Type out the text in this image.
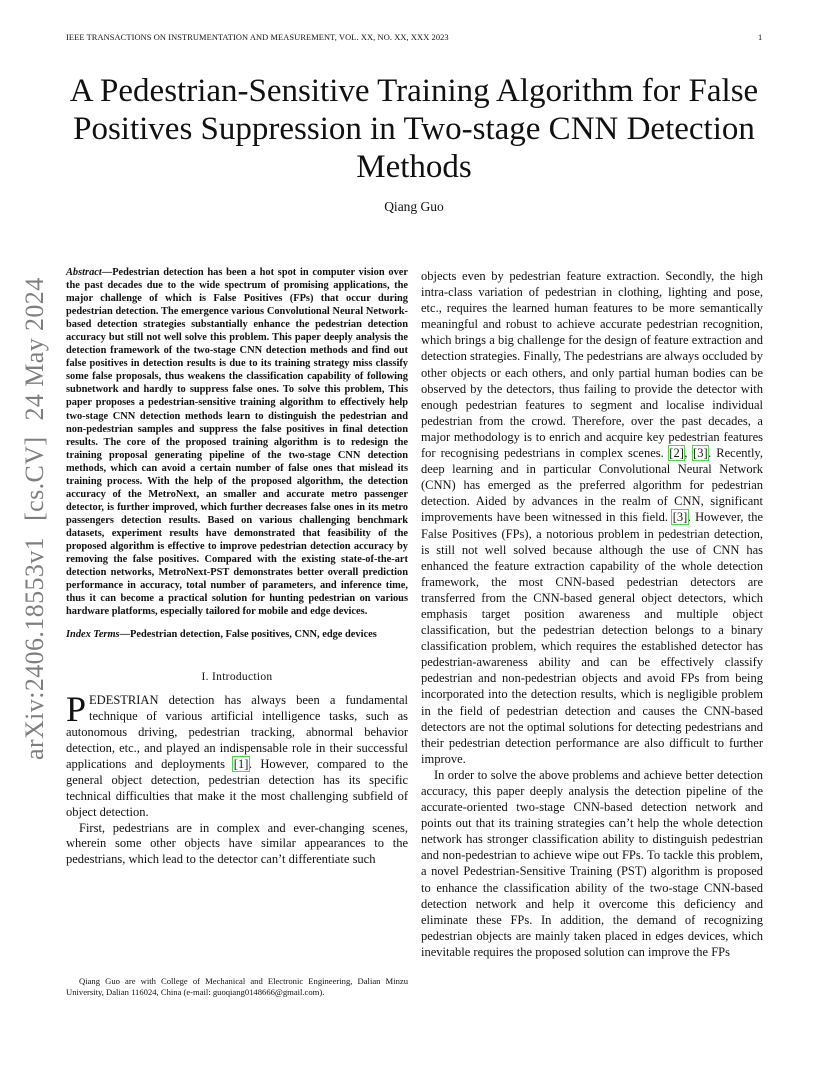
IEEE TRANSACTIONS ON INSTRUMENTATION AND MEASUREMENT, VOL. XX, NO. XX, XXX 2023	1
A Pedestrian-Sensitive Training Algorithm for False Positives Suppression in Two-stage CNN Detection Methods
Qiang Guo
arXiv:2406.18553v1[cs.CV]24 May 2024

Abstract—Pedestrian detection has been a hot spot in computer vision over the past decades due to the wide spectrum of promising applications, the major challenge of which is False Positives (FPs) that occur during pedestrian detection. The emergence various Convolutional Neural Network-based detection strategies substantially enhance the pedestrian detection accuracy but still not well solve this problem. This paper deeply analysis the detection framework of the two-stage CNN detection methods and find out false positives in detection results is due to its training strategy miss classify some false proposals, thus weakens the classification capability of following subnetwork and hardly to suppress false ones. To solve this problem, This paper proposes a pedestrian-sensitive training algorithm to effectively help two-stage CNN detection methods learn to distinguish the pedestrian and non-pedestrian samples and suppress the false positives in final detection results. The core of the proposed training algorithm is to redesign the training proposal generating pipeline of the two-stage CNN detection methods, which can avoid a certain number of false ones that mislead its training process. With the help of the proposed algorithm, the detection accuracy of the MetroNext, an smaller and accurate metro passenger detector, is further improved, which further decreases false ones in its metro passengers detection results. Based on various challenging benchmark datasets, experiment results have demonstrated that feasibility of the proposed algorithm is effective to improve pedestrian detection accuracy by removing the false positives. Compared with the existing state-of-the-art detection networks, MetroNext-PST demonstrates better overall prediction performance in accuracy, total number of parameters, and inference time, thus it can become a practical solution for hunting pedestrian on various hardware platforms, especially tailored for mobile and edge devices.

Index Terms—Pedestrian detection, False positives, CNN, edge devices

I. Introduction

PEDESTRIAN detection has always been a fundamental technique of various artificial intelligence tasks, such as autonomous driving, pedestrian tracking, abnormal behavior detection, etc., and played an indispensable role in their successful applications and deployments [1]. However, compared to the general object detection, pedestrian detection has its specific technical difficulties that make it the most challenging subfield of object detection.

First, pedestrians are in complex and ever-changing scenes, wherein some other objects have similar appearances to the pedestrians, which lead to the detector can’t differentiate such

objects even by pedestrian feature extraction. Secondly, the high intra-class variation of pedestrian in clothing, lighting and pose, etc., requires the learned human features to be more semantically meaningful and robust to achieve accurate pedestrian recognition, which brings a big challenge for the design of feature extraction and detection strategies. Finally, The pedestrians are always occluded by other objects or each others, and only partial human bodies can be observed by the detectors, thus failing to provide the detector with enough pedestrian features to segment and localise individual pedestrian from the crowd. Therefore, over the past decades, a major methodology is to enrich and acquire key pedestrian features for recognising pedestrians in complex scenes. [2], [3]. Recently, deep learning and in particular Convolutional Neural Network (CNN) has emerged as the preferred algorithm for pedestrian detection. Aided by advances in the realm of CNN, significant improvements have been witnessed in this field. [3]. However, the False Positives (FPs), a notorious problem in pedestrian detection, is still not well solved because although the use of CNN has enhanced the feature extraction capability of the whole detection framework, the most CNN-based pedestrian detectors are transferred from the CNN-based general object detectors, which emphasis target position awareness and multiple object classification, but the pedestrian detection belongs to a binary classification problem, which requires the established detector has pedestrian-awareness ability and can be effectively classify pedestrian and non-pedestrian objects and avoid FPs from being incorporated into the detection results, which is negligible problem in the field of pedestrian detection and causes the CNN-based detectors are not the optimal solutions for detecting pedestrians and their pedestrian detection performance are also difficult to further improve.

In order to solve the above problems and achieve better detection accuracy, this paper deeply analysis the detection pipeline of the accurate-oriented two-stage CNN-based detection network and points out that its training strategies can’t help the whole detection network has stronger classification ability to distinguish pedestrian and non-pedestrian to achieve wipe out FPs. To tackle this problem, a novel Pedestrian-Sensitive Training (PST) algorithm is proposed to enhance the classification ability of the two-stage CNN-based detection network and help it overcome this deficiency and eliminate these FPs. In addition, the demand of recognizing pedestrian objects are mainly taken placed in edges devices, which inevitable requires the proposed solution can improve the FPs

Qiang Guo are with College of Mechanical and Electronic Engineering, Dalian Minzu University, Dalian 116024, China (e-mail: guoqiang0148666@gmail.com).
